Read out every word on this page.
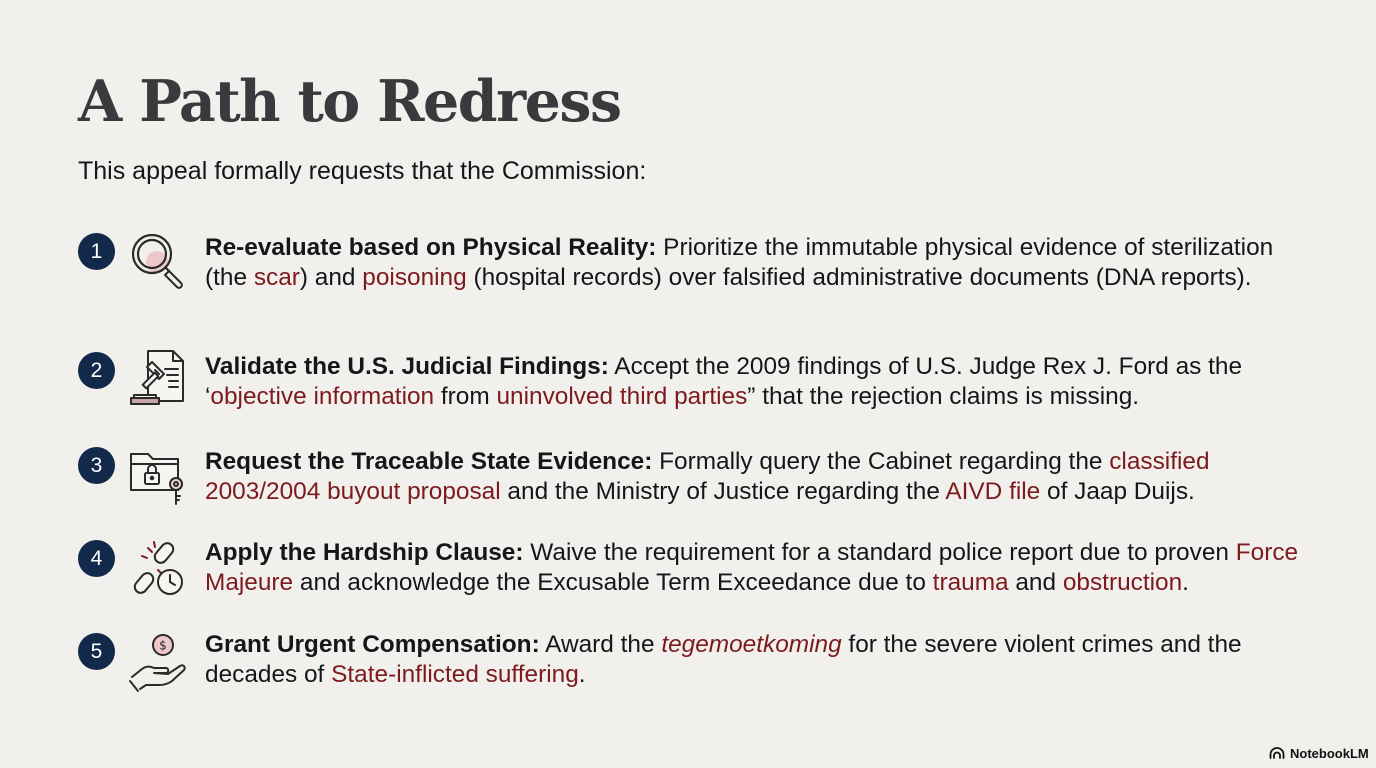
A Path to Redress

This appeal formally requests that the Commission:

1	Re-evaluate based on Physical Reality: Prioritize the immutable physical evidence of sterilization (the scar) and poisoning (hospital records) over falsified administrative documents (DNA reports).

2	Validate the U.S. Judicial Findings: Accept the 2009 findings of U.S. Judge Rex J. Ford as the ‘objective information from uninvolved third parties” that the rejection claims is missing.

3	Request the Traceable State Evidence: Formally query the Cabinet regarding the classified 2003/2004 buyout proposal and the Ministry of Justice regarding the AIVD file of Jaap Duijs.

4	Apply the Hardship Clause: Waive the requirement for a standard police report due to proven Force Majeure and acknowledge the Excusable Term Exceedance due to trauma and obstruction.

5	$ Grant Urgent Compensation: Award the tegemoetkoming for the severe violent crimes and the decades of State-inflicted suffering.

NotebookLM
